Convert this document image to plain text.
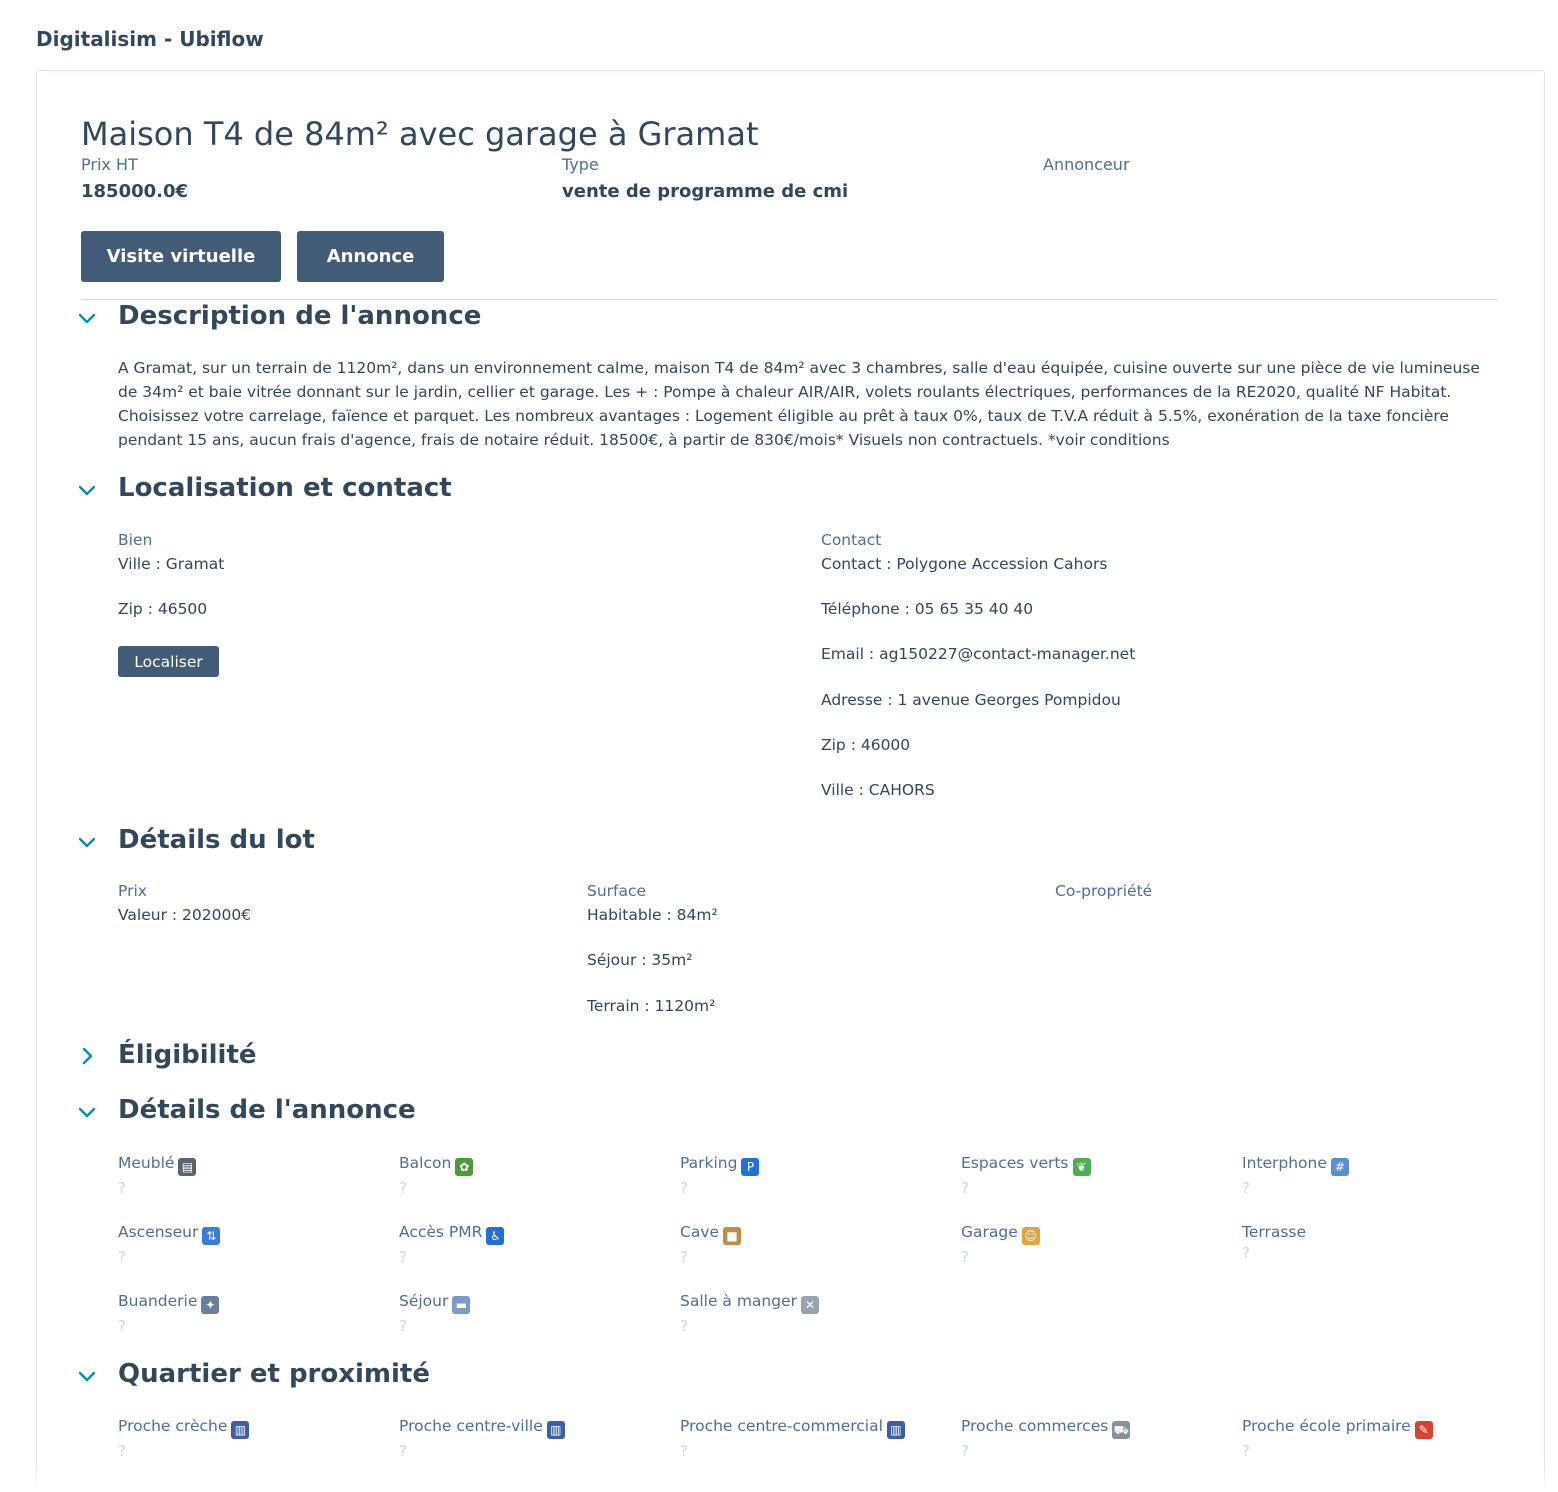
Digitalisim - Ubiflow
Maison T4 de 84m² avec garage à Gramat
Prix HT
185000.0€
Type
vente de programme de cmi
Annonceur
Visite virtuelle	Annonce
Description de l'annonce

A Gramat, sur un terrain de 1120m², dans un environnement calme, maison T4 de 84m² avec 3 chambres, salle d'eau équipée, cuisine ouverte sur une pièce de vie lumineuse de 34m² et baie vitrée donnant sur le jardin, cellier et garage. Les + : Pompe à chaleur AIR/AIR, volets roulants électriques, performances de la RE2020, qualité NF Habitat. Choisissez votre carrelage, faïence et parquet. Les nombreux avantages : Logement éligible au prêt à taux 0%, taux de T.V.A réduit à 5.5%, exonération de la taxe foncière pendant 15 ans, aucun frais d'agence, frais de notaire réduit. 18500€, à partir de 830€/mois* Visuels non contractuels. *voir conditions

Localisation et contact
Bien
Ville : Gramat
Zip : 46500
Localiser
Contact
Contact : Polygone Accession Cahors
Téléphone : 05 65 35 40 40
Email : ag150227@contact-manager.net
Adresse : 1 avenue Georges Pompidou
Zip : 46000
Ville : CAHORS
Détails du lot
Prix
Valeur : 202000€
Surface
Habitable : 84m²
Séjour : 35m²
Terrain : 1120m²
Co-propriété
Éligibilité
Détails de l'annonce
Meublé ▤
?
Balcon ✿
?
Parking P
?
Espaces verts ❦
?
Interphone #
?
Ascenseur ⇅
?
Accès PMR ♿
?
Cave ■
?
Garage ☺
?
Terrasse
?
Buanderie ✦
?
Séjour ▬
?
Salle à manger ✕
?
Quartier et proximité
Proche crèche ▥
?
Proche centre-ville ▥
?
Proche centre-commercial ▥
?
Proche commerces ⛟
?
Proche école primaire ✎
?
